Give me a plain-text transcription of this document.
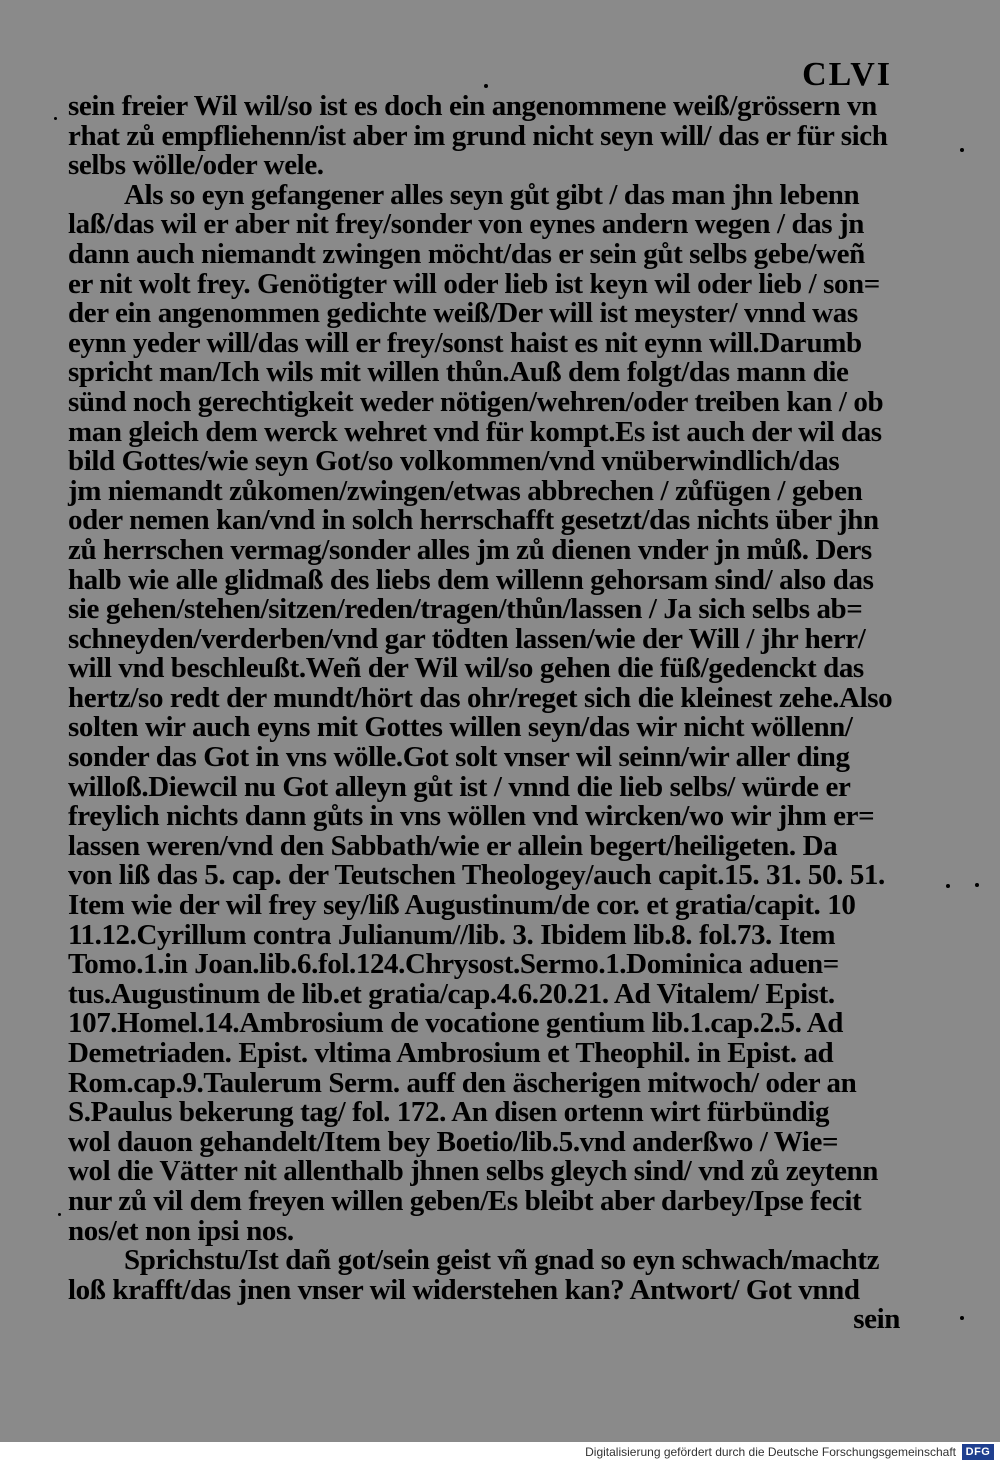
CLVI
sein freier Wil wil/so ist es doch ein angenommene weiß/grössern vn
rhat zů empfliehenn/ist aber im grund nicht seyn will/ das er für sich
selbs wölle/oder wele.
Als so eyn gefangener alles seyn gůt gibt / das man jhn lebenn
laß/das wil er aber nit frey/sonder von eynes andern wegen / das jn
dann auch niemandt zwingen möcht/das er sein gůt selbs gebe/weñ
er nit wolt frey. Genötigter will oder lieb ist keyn wil oder lieb / son=
der ein angenommen gedichte weiß/Der will ist meyster/ vnnd was
eynn yeder will/das will er frey/sonst haist es nit eynn will.Darumb
spricht man/Ich wils mit willen thůn.Auß dem folgt/das mann die
sünd noch gerechtigkeit weder nötigen/wehren/oder treiben kan / ob
man gleich dem werck wehret vnd für kompt.Es ist auch der wil das
bild Gottes/wie seyn Got/so volkommen/vnd vnüberwindlich/das
jm niemandt zůkomen/zwingen/etwas abbrechen / zůfügen / geben
oder nemen kan/vnd in solch herrschafft gesetzt/das nichts über jhn
zů herrschen vermag/sonder alles jm zů dienen vnder jn můß. Ders
halb wie alle glidmaß des liebs dem willenn gehorsam sind/ also das
sie gehen/stehen/sitzen/reden/tragen/thůn/lassen / Ja sich selbs ab=
schneyden/verderben/vnd gar tödten lassen/wie der Will / jhr herr/
will vnd beschleußt.Weñ der Wil wil/so gehen die füß/gedenckt das
hertz/so redt der mundt/hört das ohr/reget sich die kleinest zehe.Also
solten wir auch eyns mit Gottes willen seyn/das wir nicht wöllenn/
sonder das Got in vns wölle.Got solt vnser wil seinn/wir aller ding
willoß.Diewcil nu Got alleyn gůt ist / vnnd die lieb selbs/ würde er
freylich nichts dann gůts in vns wöllen vnd wircken/wo wir jhm er=
lassen weren/vnd den Sabbath/wie er allein begert/heiligeten. Da
von liß das 5. cap. der Teutschen Theologey/auch capit.15. 31. 50. 51.
Item wie der wil frey sey/liß Augustinum/de cor. et gratia/capit. 10
11.12.Cyrillum contra Julianum//lib. 3. Ibidem lib.8. fol.73. Item
Tomo.1.in Joan.lib.6.fol.124.Chrysost.Sermo.1.Dominica aduen=
tus.Augustinum de lib.et gratia/cap.4.6.20.21. Ad Vitalem/ Epist.
107.Homel.14.Ambrosium de vocatione gentium lib.1.cap.2.5. Ad
Demetriaden. Epist. vltima Ambrosium et Theophil. in Epist. ad
Rom.cap.9.Taulerum Serm. auff den äscherigen mitwoch/ oder an
S.Paulus bekerung tag/ fol. 172. An disen ortenn wirt fürbündig
wol dauon gehandelt/Item bey Boetio/lib.5.vnd anderßwo / Wie=
wol die Vätter nit allenthalb jhnen selbs gleych sind/ vnd zů zeytenn
nur zů vil dem freyen willen geben/Es bleibt aber darbey/Ipse fecit
nos/et non ipsi nos.
Sprichstu/Ist dañ got/sein geist vñ gnad so eyn schwach/machtz
loß krafft/das jnen vnser wil widerstehen kan? Antwort/ Got vnnd
sein
Digitalisierung gefördert durch die Deutsche Forschungsgemeinschaft DFG
